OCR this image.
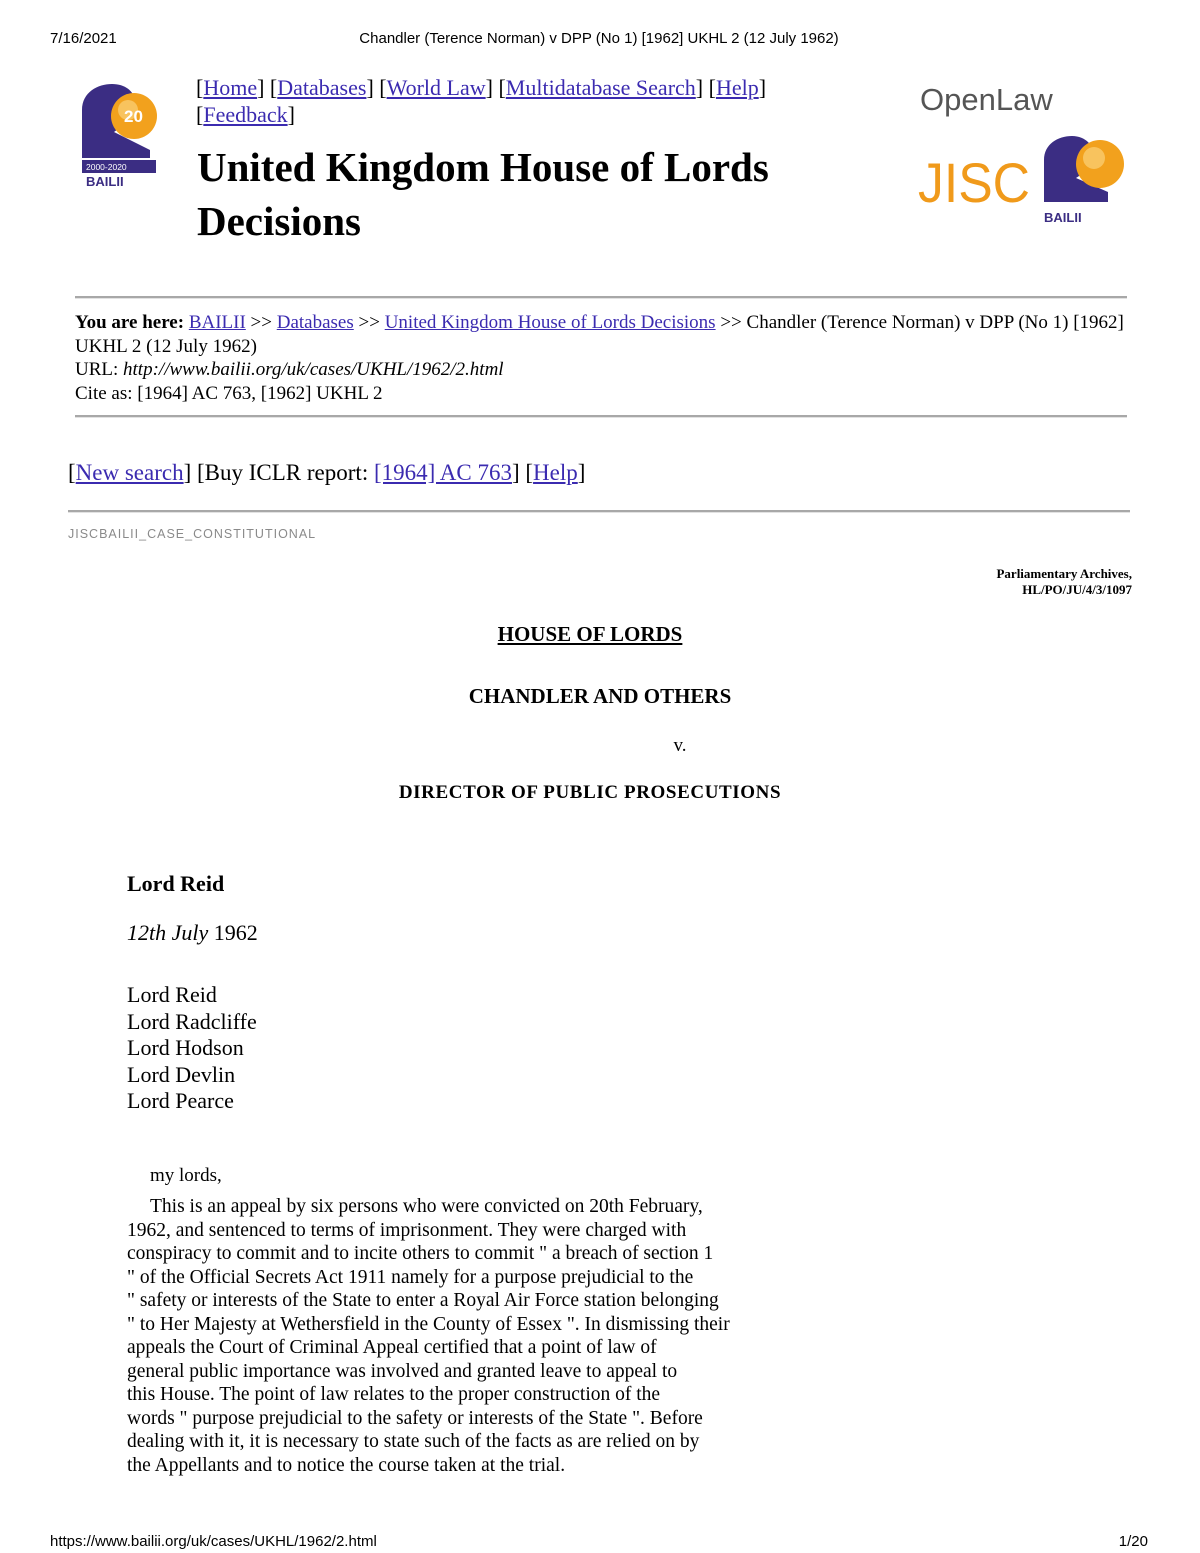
7/16/2021	Chandler (Terence Norman) v DPP (No 1) [1962] UKHL 2 (12 July 1962)
20
2000-2020
BAILII
OpenLaw
JISC
BAILII
[Home] [Databases] [World Law] [Multidatabase Search] [Help]
[Feedback]
United Kingdom House of Lords Decisions
You are here: BAILII >> Databases >> United Kingdom House of Lords Decisions >> Chandler (Terence Norman) v DPP (No 1) [1962] UKHL 2 (12 July 1962)
URL: http://www.bailii.org/uk/cases/UKHL/1962/2.html
Cite as: [1964] AC 763, [1962] UKHL 2
[New search] [Buy ICLR report: [1964] AC 763] [Help]
JISCBAILII_CASE_CONSTITUTIONAL
Parliamentary Archives,
HL/PO/JU/4/3/1097
HOUSE OF LORDS
CHANDLER AND OTHERS
v.
DIRECTOR OF PUBLIC PROSECUTIONS
Lord Reid
12th July 1962
Lord Reid
Lord Radcliffe
Lord Hodson
Lord Devlin
Lord Pearce
my lords,
This is an appeal by six persons who were convicted on 20th February,
1962, and sentenced to terms of imprisonment. They were charged with
conspiracy to commit and to incite others to commit " a breach of section 1
" of the Official Secrets Act 1911 namely for a purpose prejudicial to the
" safety or interests of the State to enter a Royal Air Force station belonging
" to Her Majesty at Wethersfield in the County of Essex ". In dismissing their
appeals the Court of Criminal Appeal certified that a point of law of
general public importance was involved and granted leave to appeal to
this House. The point of law relates to the proper construction of the
words " purpose prejudicial to the safety or interests of the State ". Before
dealing with it, it is necessary to state such of the facts as are relied on by
the Appellants and to notice the course taken at the trial.
https://www.bailii.org/uk/cases/UKHL/1962/2.html	1/20
